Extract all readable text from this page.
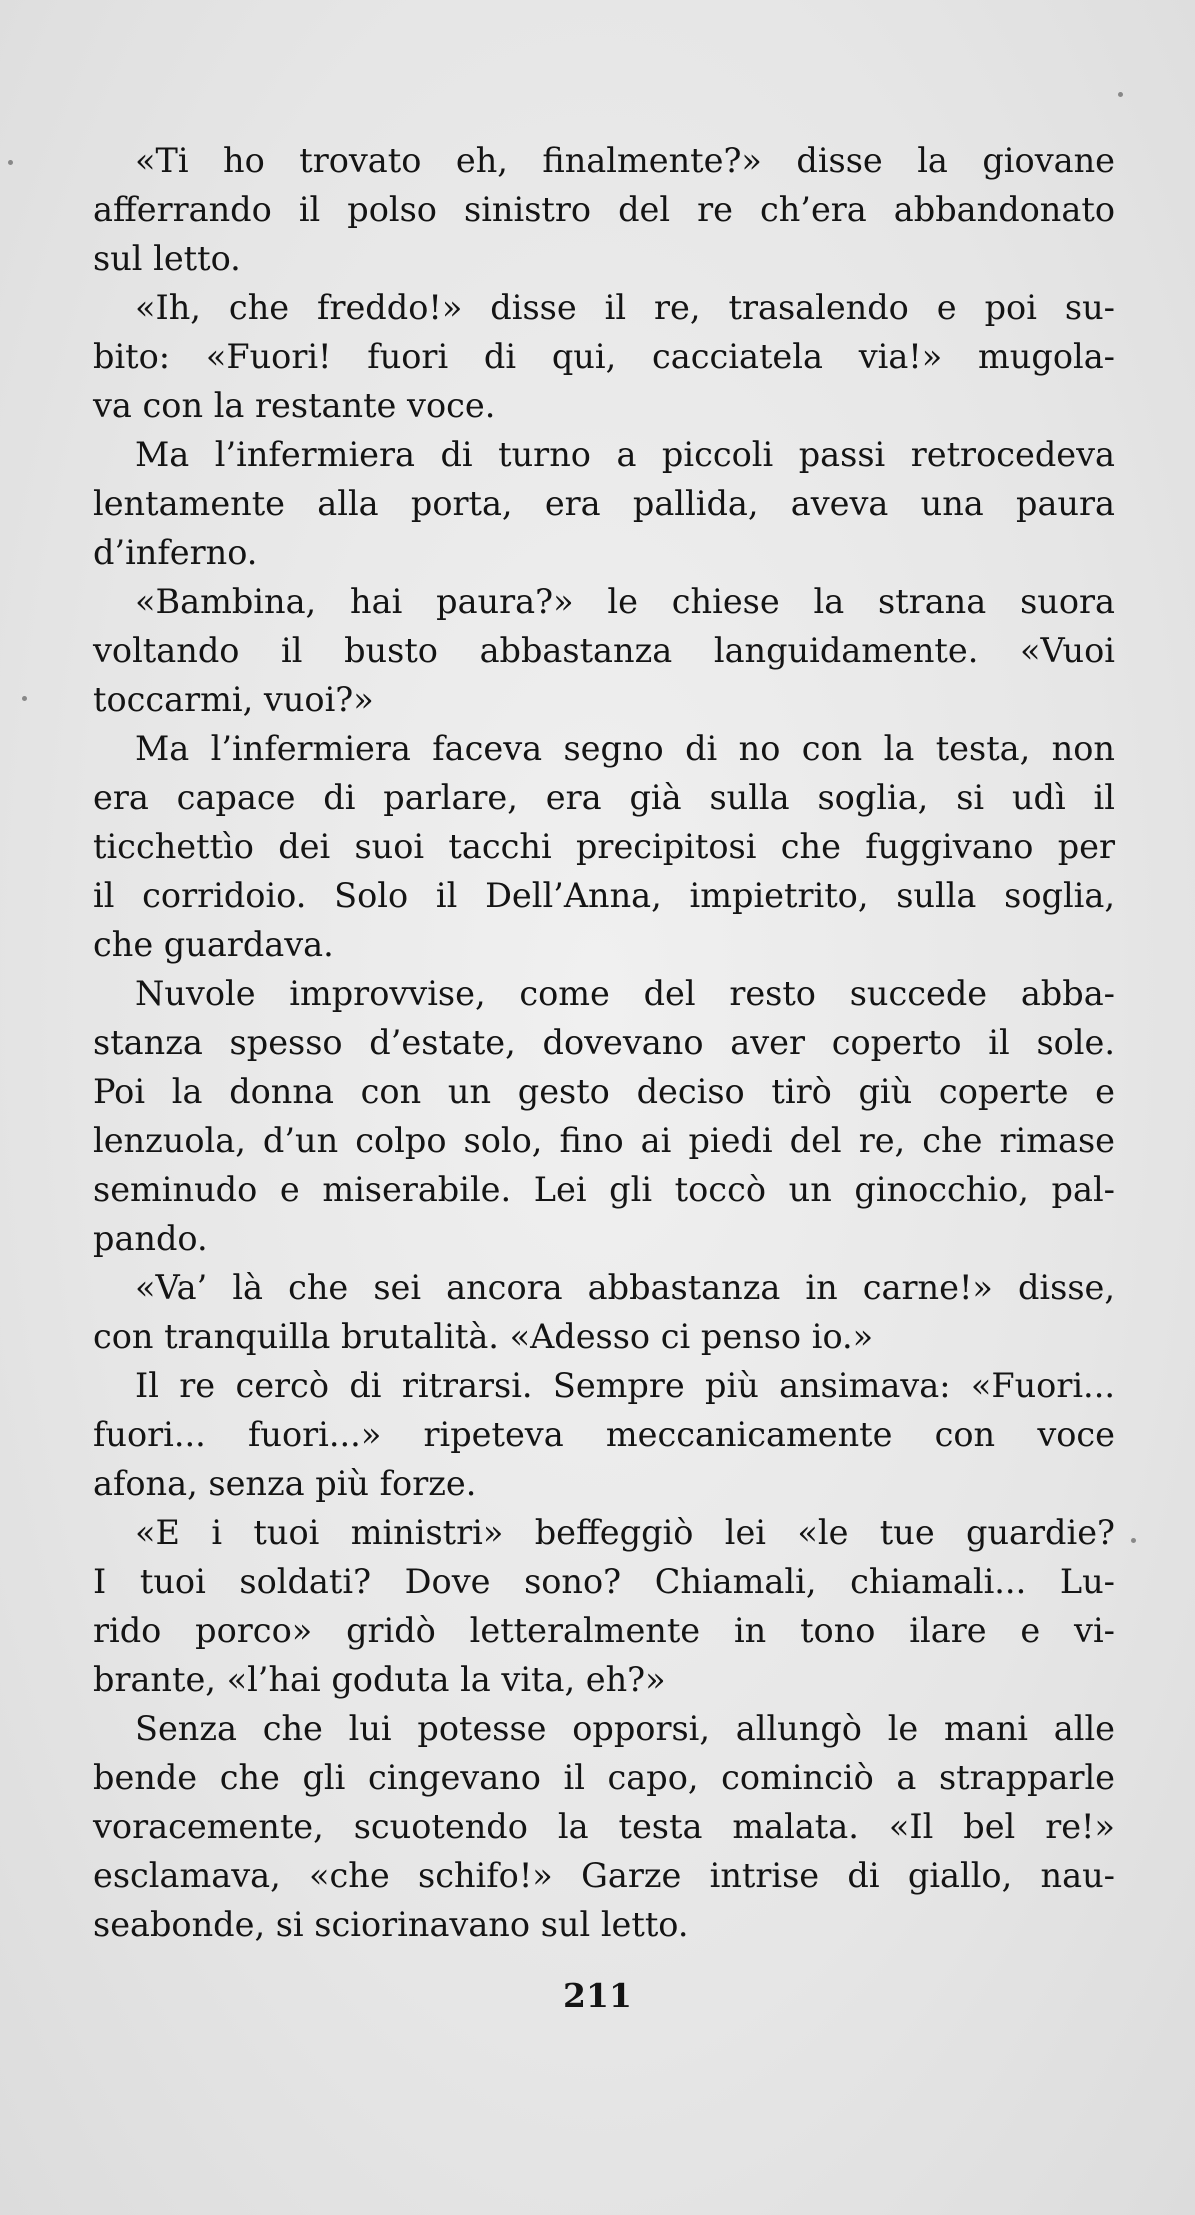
«Ti ho trovato eh, finalmente?» disse la giovane
afferrando il polso sinistro del re ch’era abbandonato
sul letto.
«Ih, che freddo!» disse il re, trasalendo e poi su-
bito: «Fuori! fuori di qui, cacciatela via!» mugola-
va con la restante voce.
Ma l’infermiera di turno a piccoli passi retrocedeva
lentamente alla porta, era pallida, aveva una paura
d’inferno.
«Bambina, hai paura?» le chiese la strana suora
voltando il busto abbastanza languidamente. «Vuoi
toccarmi, vuoi?»
Ma l’infermiera faceva segno di no con la testa, non
era capace di parlare, era già sulla soglia, si udì il
ticchettìo dei suoi tacchi precipitosi che fuggivano per
il corridoio. Solo il Dell’Anna, impietrito, sulla soglia,
che guardava.
Nuvole improvvise, come del resto succede abba-
stanza spesso d’estate, dovevano aver coperto il sole.
Poi la donna con un gesto deciso tirò giù coperte e
lenzuola, d’un colpo solo, fino ai piedi del re, che rimase
seminudo e miserabile. Lei gli toccò un ginocchio, pal-
pando.
«Va’ là che sei ancora abbastanza in carne!» disse,
con tranquilla brutalità. «Adesso ci penso io.»
Il re cercò di ritrarsi. Sempre più ansimava: «Fuori...
fuori... fuori...» ripeteva meccanicamente con voce
afona, senza più forze.
«E i tuoi ministri» beffeggiò lei «le tue guardie?
I tuoi soldati? Dove sono? Chiamali, chiamali... Lu-
rido porco» gridò letteralmente in tono ilare e vi-
brante, «l’hai goduta la vita, eh?»
Senza che lui potesse opporsi, allungò le mani alle
bende che gli cingevano il capo, cominciò a strapparle
voracemente, scuotendo la testa malata. «Il bel re!»
esclamava, «che schifo!» Garze intrise di giallo, nau-
seabonde, si sciorinavano sul letto.
211
